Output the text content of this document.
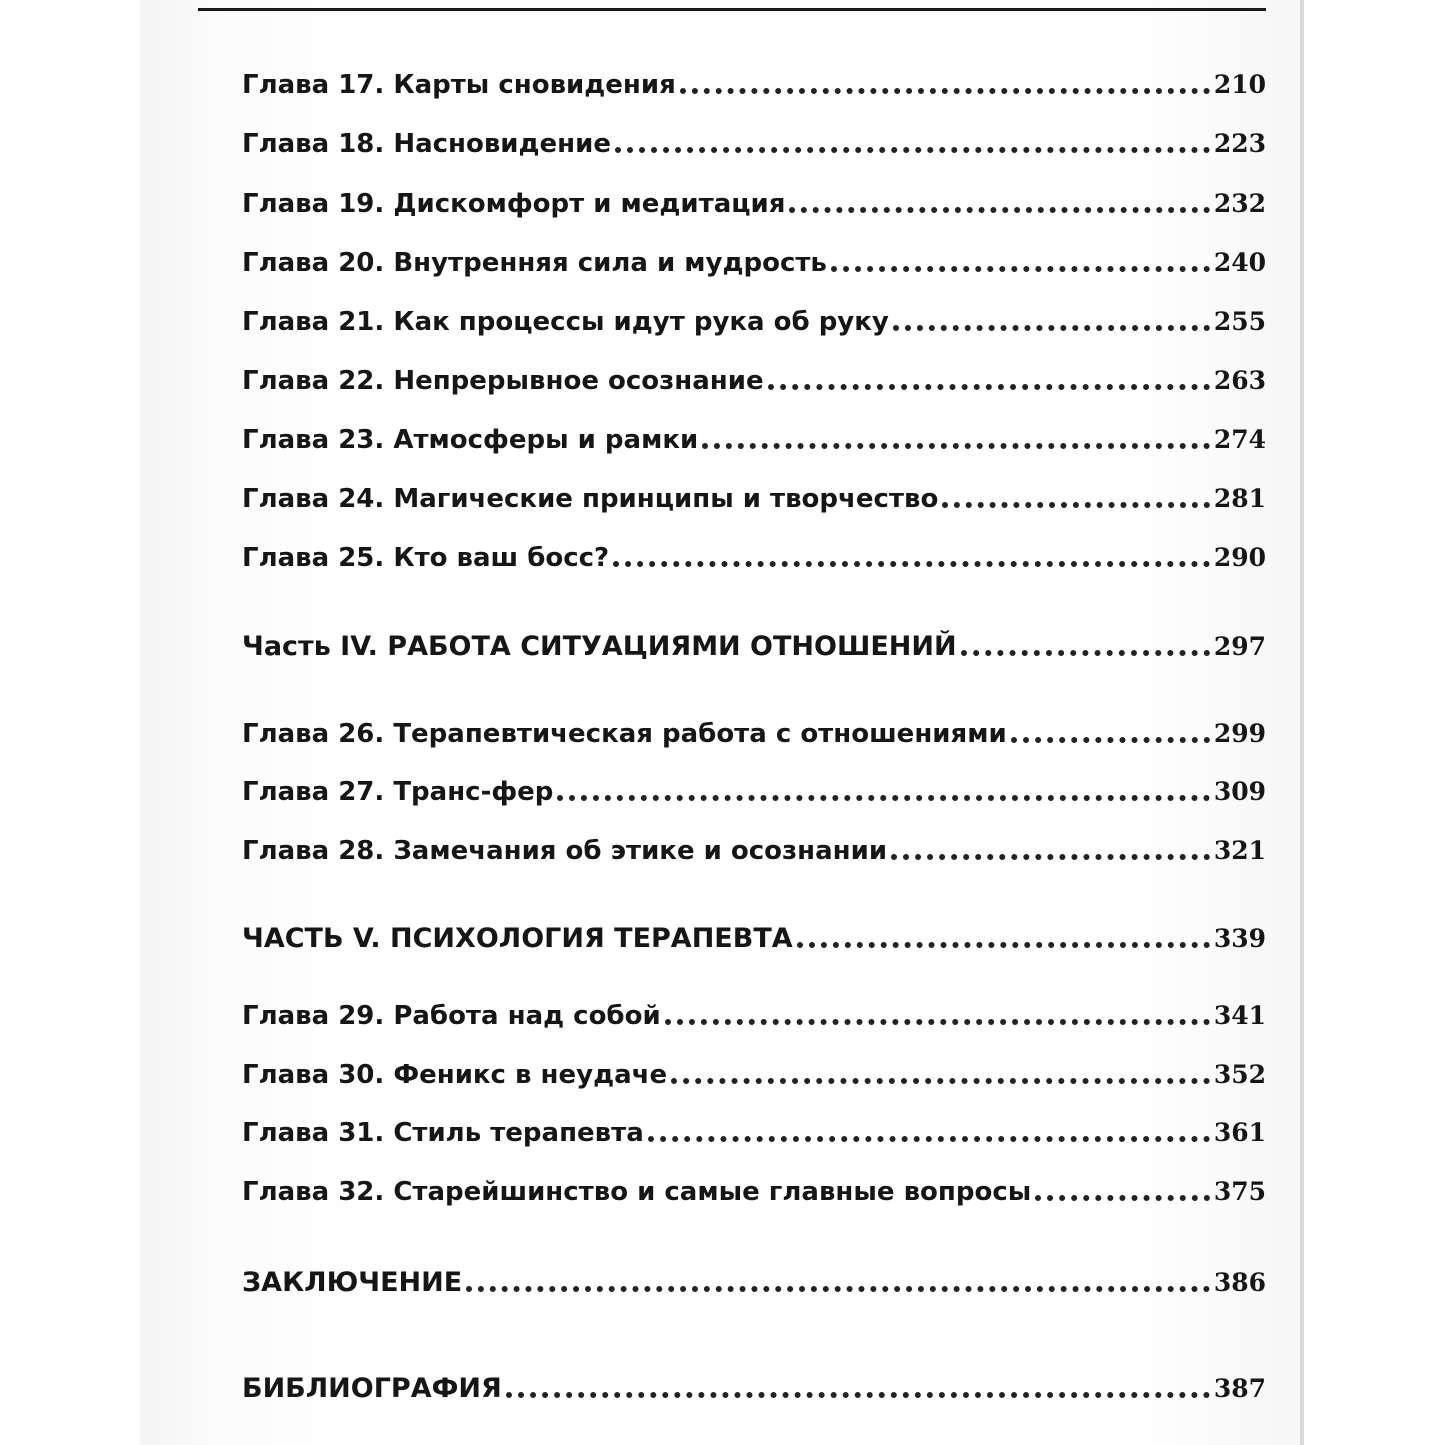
Глава 17. Карты сновидения	210
Глава 18. Насновидение	223
Глава 19. Дискомфорт и медитация	232
Глава 20. Внутренняя сила и мудрость	240
Глава 21. Как процессы идут рука об руку	255
Глава 22. Непрерывное осознание	263
Глава 23. Атмосферы и рамки	274
Глава 24. Магические принципы и творчество	281
Глава 25. Кто ваш босс?	290
Часть IV. РАБОТА СИТУАЦИЯМИ ОТНОШЕНИЙ	297
Глава 26. Терапевтическая работа с отношениями	299
Глава 27. Транс-фер	309
Глава 28. Замечания об этике и осознании	321
ЧАСТЬ V. ПСИХОЛОГИЯ ТЕРАПЕВТА	339
Глава 29. Работа над собой	341
Глава 30. Феникс в неудаче	352
Глава 31. Стиль терапевта	361
Глава 32. Старейшинство и самые главные вопросы	375
ЗАКЛЮЧЕНИЕ	386
БИБЛИОГРАФИЯ	387
